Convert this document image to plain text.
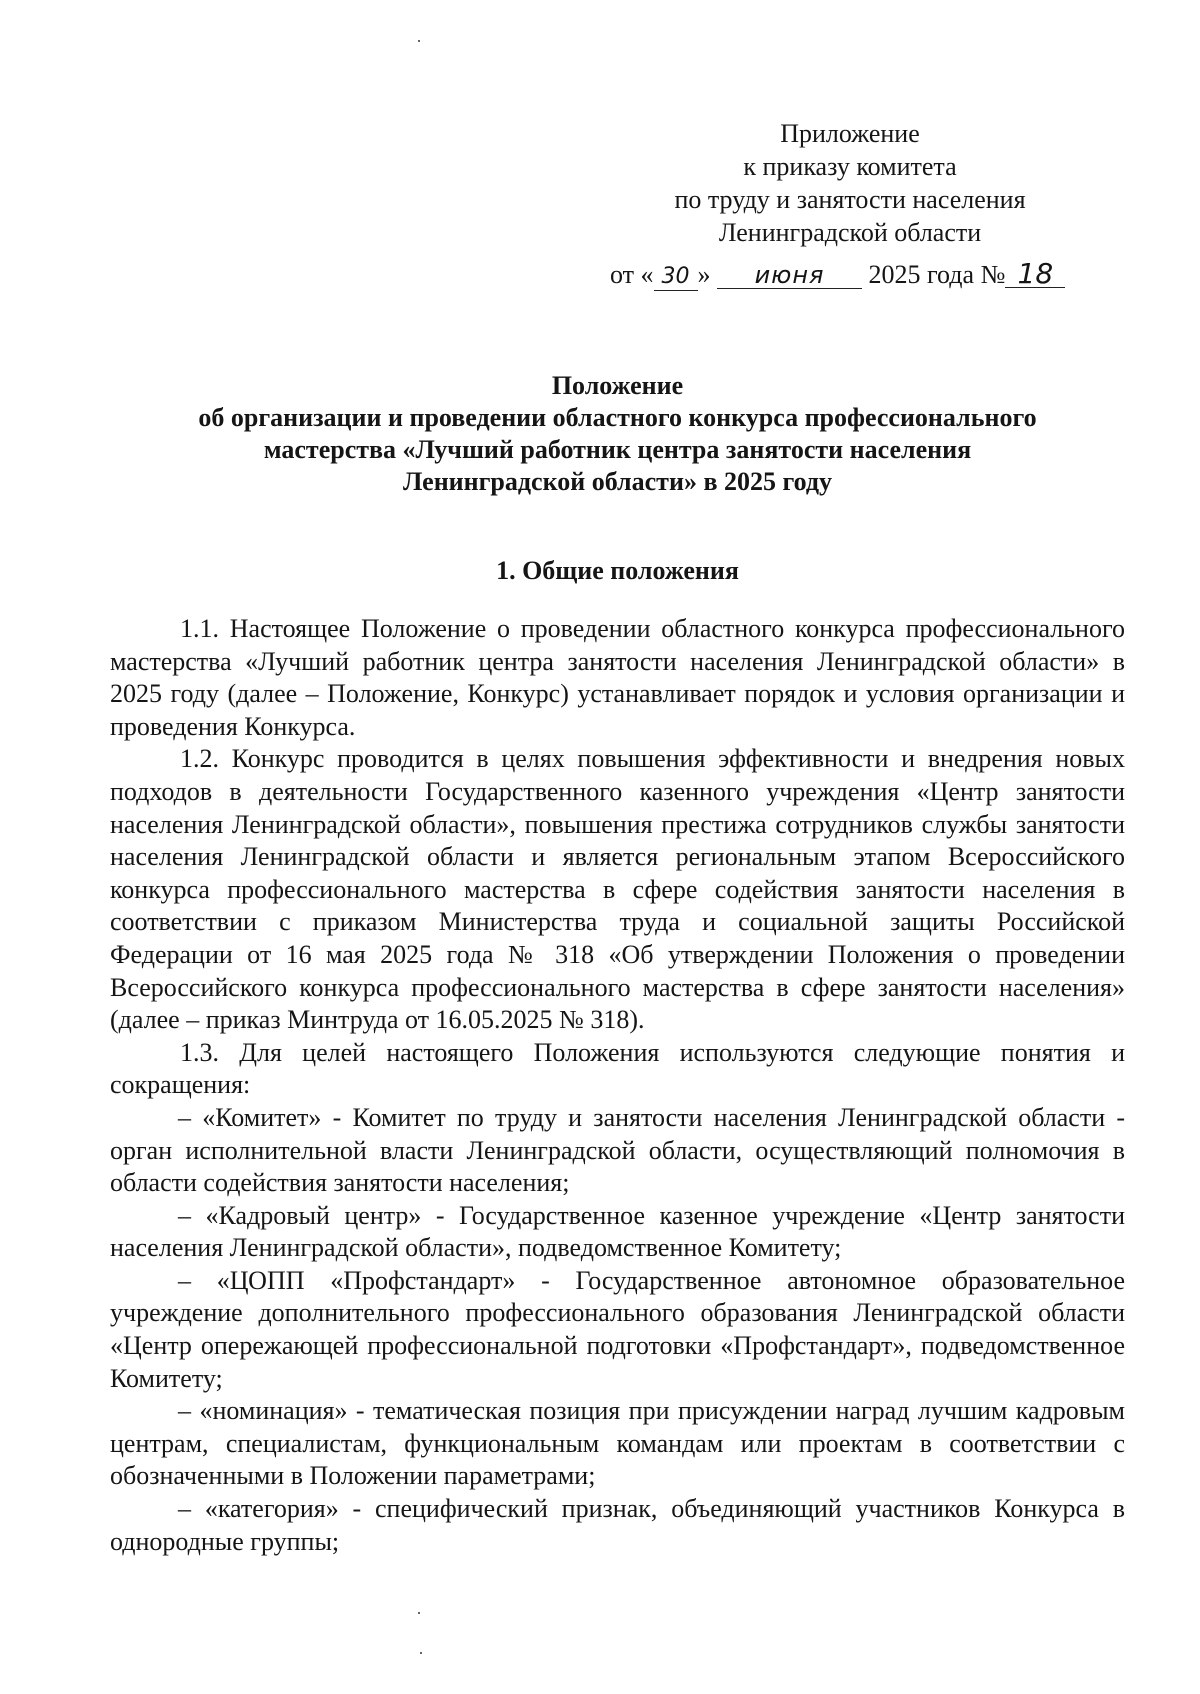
Приложение
к приказу комитета
по труду и занятости населения
Ленинградской области
от « 30 » июня 2025 года № 18
Положение
об организации и проведении областного конкурса профессионального
мастерства «Лучший работник центра занятости населения
Ленинградской области» в 2025 году
1. Общие положения

1.1. Настоящее Положение о проведении областного конкурса профессионального мастерства «Лучший работник центра занятости населения Ленинградской области» в 2025 году (далее – Положение, Конкурс) устанавливает порядок и условия организации и проведения Конкурса.

1.2. Конкурс проводится в целях повышения эффективности и внедрения новых подходов в деятельности Государственного казенного учреждения «Центр занятости населения Ленинградской области», повышения престижа сотрудников службы занятости населения Ленинградской области и является региональным этапом Всероссийского конкурса профессионального мастерства в сфере содействия занятости населения в соответствии с приказом Министерства труда и социальной защиты Российской Федерации от 16 мая 2025 года № 318 «Об утверждении Положения о проведении Всероссийского конкурса профессионального мастерства в сфере занятости населения» (далее – приказ Минтруда от 16.05.2025 № 318).

1.3. Для целей настоящего Положения используются следующие понятия и сокращения:

– «Комитет» - Комитет по труду и занятости населения Ленинградской области - орган исполнительной власти Ленинградской области, осуществляющий полномочия в области содействия занятости населения;

– «Кадровый центр» - Государственное казенное учреждение «Центр занятости населения Ленинградской области», подведомственное Комитету;

– «ЦОПП «Профстандарт» - Государственное автономное образовательное учреждение дополнительного профессионального образования Ленинградской области «Центр опережающей профессиональной подготовки «Профстандарт», подведомственное Комитету;

– «номинация» - тематическая позиция при присуждении наград лучшим кадровым центрам, специалистам, функциональным командам или проектам в соответствии с обозначенными в Положении параметрами;

– «категория» - специфический признак, объединяющий участников Конкурса в однородные группы;
